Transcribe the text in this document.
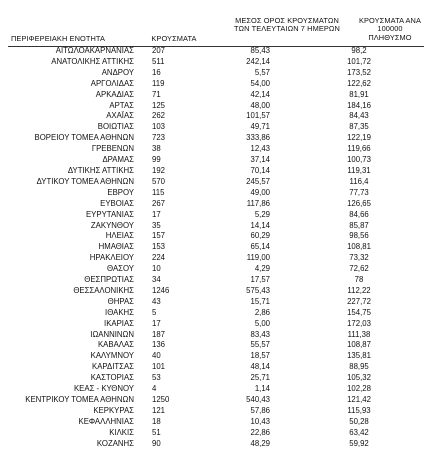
ΠΕΡΙΦΕΡΕΙΑΚΗ ΕΝΟΤΗΤΑ	ΚΡΟΥΣΜΑΤΑ
ΜΕΣΟΣ ΟΡΟΣ ΚΡΟΥΣΜΑΤΩΝ
ΤΩΝ ΤΕΛΕΥΤΑΙΩΝ 7 ΗΜΕΡΩΝ
ΚΡΟΥΣΜΑΤΑ ΑΝΑ 100000
ΠΛΗΘΥΣΜΟ
ΑΙΤΩΛΟΑΚΑΡΝΑΝΙΑΣ	207	85,43		98,2
ΑΝΑΤΟΛΙΚΗΣ ΑΤΤΙΚΗΣ	511	242,14		101,72
ΑΝΔΡΟΥ	16	5,57		173,52
ΑΡΓΟΛΙΔΑΣ	119	54,00		122,62
ΑΡΚΑΔΙΑΣ	71	42,14		81,91
ΑΡΤΑΣ	125	48,00		184,16
ΑΧΑΪΑΣ	262	101,57		84,43
ΒΟΙΩΤΙΑΣ	103	49,71		87,35
ΒΟΡΕΙΟΥ ΤΟΜΕΑ ΑΘΗΝΩΝ	723	333,86		122,19
ΓΡΕΒΕΝΩΝ	38	12,43		119,66
ΔΡΑΜΑΣ	99	37,14		100,73
ΔΥΤΙΚΗΣ ΑΤΤΙΚΗΣ	192	70,14		119,31
ΔΥΤΙΚΟΥ ΤΟΜΕΑ ΑΘΗΝΩΝ	570	245,57		116,4
ΕΒΡΟΥ	115	49,00		77,73
ΕΥΒΟΙΑΣ	267	117,86		126,65
ΕΥΡΥΤΑΝΙΑΣ	17	5,29		84,66
ΖΑΚΥΝΘΟΥ	35	14,14		85,87
ΗΛΕΙΑΣ	157	60,29		98,56
ΗΜΑΘΙΑΣ	153	65,14		108,81
ΗΡΑΚΛΕΙΟΥ	224	119,00		73,32
ΘΑΣΟΥ	10	4,29		72,62
ΘΕΣΠΡΩΤΙΑΣ	34	17,57		78
ΘΕΣΣΑΛΟΝΙΚΗΣ	1246	575,43		112,22
ΘΗΡΑΣ	43	15,71		227,72
ΙΘΑΚΗΣ	5	2,86		154,75
ΙΚΑΡΙΑΣ	17	5,00		172,03
ΙΩΑΝΝΙΝΩΝ	187	83,43		111,38
ΚΑΒΑΛΑΣ	136	55,57		108,87
ΚΑΛΥΜΝΟΥ	40	18,57		135,81
ΚΑΡΔΙΤΣΑΣ	101	48,14		88,95
ΚΑΣΤΟΡΙΑΣ	53	25,71		105,32
ΚΕΑΣ - ΚΥΘΝΟΥ	4	1,14		102,28
ΚΕΝΤΡΙΚΟΥ ΤΟΜΕΑ ΑΘΗΝΩΝ	1250	540,43		121,42
ΚΕΡΚΥΡΑΣ	121	57,86		115,93
ΚΕΦΑΛΛΗΝΙΑΣ	18	10,43		50,28
ΚΙΛΚΙΣ	51	22,86		63,42
ΚΟΖΑΝΗΣ	90	48,29		59,92
